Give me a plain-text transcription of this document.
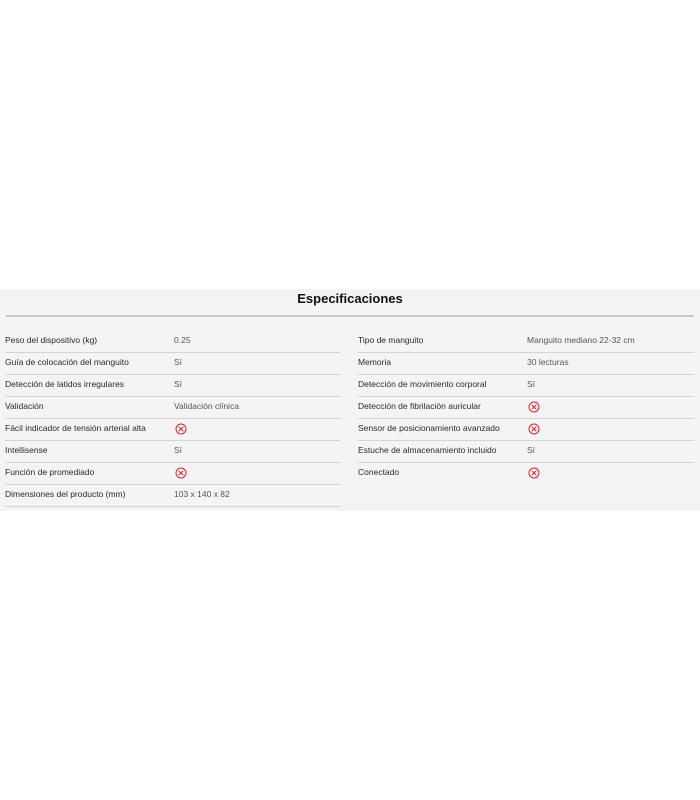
Especificaciones
Peso del dispositivo (kg)	0.25
Guía de colocación del manguito	Sí
Detección de latidos irregulares	Sí
Validación	Validación clínica
Fácil indicador de tensión arterial alta
Intellisense	Sí
Función de promediado
Dimensiones del producto (mm)	103 x 140 x 82
Tipo de manguito	Manguito mediano 22-32 cm
Memoria	30 lecturas
Detección de movimiento corporal	Sí
Detección de fibrilación auricular
Sensor de posicionamiento avanzado
Estuche de almacenamiento incluido	Sí
Conectado
